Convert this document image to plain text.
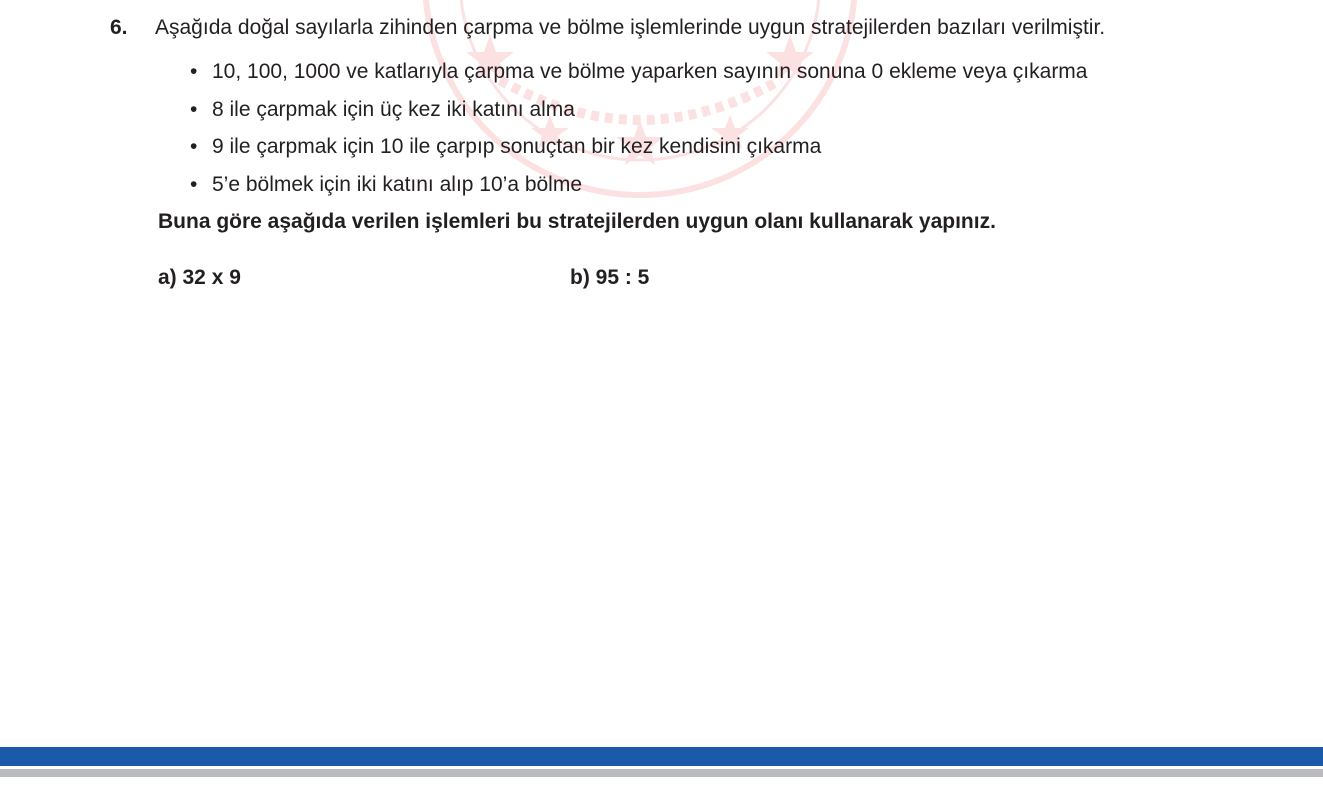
6. Aşağıda doğal sayılarla zihinden çarpma ve bölme işlemlerinde uygun stratejilerden bazıları verilmiştir.
• 10, 100, 1000 ve katlarıyla çarpma ve bölme yaparken sayının sonuna 0 ekleme veya çıkarma
• 8 ile çarpmak için üç kez iki katını alma
• 9 ile çarpmak için 10 ile çarpıp sonuçtan bir kez kendisini çıkarma
• 5’e bölmek için iki katını alıp 10’a bölme
Buna göre aşağıda verilen işlemleri bu stratejilerden uygun olanı kullanarak yapınız.
a) 32 x 9	b) 95 : 5
